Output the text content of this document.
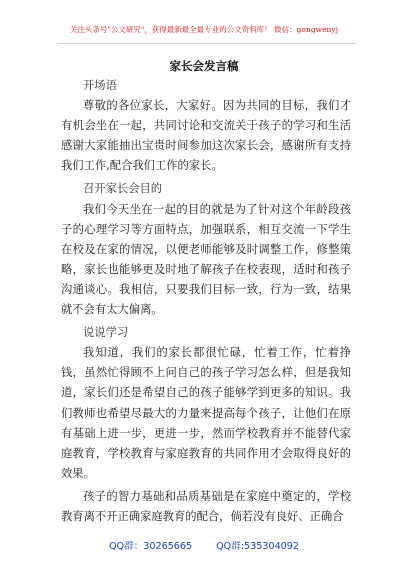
关注头条号"公文研究"，获得最新最全最专业的公文资料库！ 微信：gongwenyj
家长会发言稿

开场语

尊敬的各位家长，大家好。因为共同的目标，我们才有机会坐在一起，共同讨论和交流关于孩子的学习和生活感谢大家能抽出宝贵时间参加这次家长会，感谢所有支持我们工作,配合我们工作的家长。

召开家长会目的

我们今天坐在一起的目的就是为了针对这个年龄段孩子的心理学习等方面特点，加强联系，相互交流一下学生在校及在家的情况，以便老师能够及时调整工作，修整策略，家长也能够更及时地了解孩子在校表现，适时和孩子沟通谈心。我相信，只要我们目标一致，行为一致，结果就不会有太大偏离。

说说学习

我知道，我们的家长都很忙碌，忙着工作，忙着挣钱，虽然忙得顾不上问自己的孩子学习怎么样，但是我知道，家长们还是希望自己的孩子能够学到更多的知识。我们教师也希望尽最大的力量来提高每个孩子，让他们在原有基础上进一步，更进一步，然而学校教育并不能替代家庭教育，学校教育与家庭教育的共同作用才会取得良好的效果。

孩子的智力基础和品质基础是在家庭中奠定的，学校教育离不开正确家庭教育的配合，倘若没有良好、正确合

QQ群：30265665	QQ群:535304092
